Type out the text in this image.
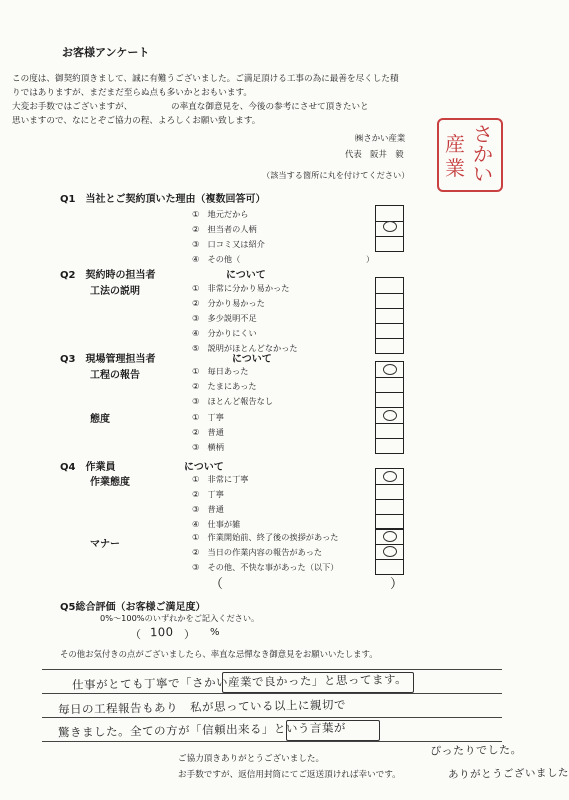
お客様アンケート
この度は、御契約頂きまして、誠に有難うございました。ご満足頂ける工事の為に最善を尽くした積
りではありますが、まだまだ至らぬ点も多いかとおもいます。
大変お手数ではございますが、　　　　　の率直な御意見を、今後の参考にさせて頂きたいと
思いますので、なにとぞご協力の程、よろしくお願い致します。
㈱さかい産業
代表　阪井　毅
さ
か
い
産
業
（該当する箇所に丸を付けてください）
Q1　当社とご契約頂いた理由（複数回答可）
①　地元だから
②　担当者の人柄
③　口コミ又は紹介
④　その他（	）
Q2　契約時の担当者	について
工法の説明	①　非常に分かり易かった
②　分かり易かった
③　多少説明不足
④　分かりにくい
⑤　説明がほとんどなかった
Q3　現場管理担当者	について
工程の報告	①　毎日あった
②　たまにあった
③　ほとんど報告なし
態度	①　丁寧
②　普通
③　横柄
Q4　作業員	について
作業態度	①　非常に丁寧
②　丁寧
③　普通
④　仕事が雑
マナー
①　作業開始前、終了後の挨拶があった
②　当日の作業内容の報告があった
③　その他、不快な事があった（以下）
（	）
Q5総合評価（お客様ご満足度）
0%～100%のいずれかをご記入ください。
（ 100 ） %
その他お気付きの点がございましたら、率直な忌憚なき御意見をお願いいたします。
仕事がとても丁寧で「さかい産業で良かった」と思ってます。
毎日の工程報告もあり　私が思っている以上に親切で
驚きました。全ての方が「信頼出来る」という言葉が
ぴったりでした。
ありがとうございました
ご協力頂きありがとうございました。
お手数ですが、返信用封筒にてご返送頂ければ幸いです。
